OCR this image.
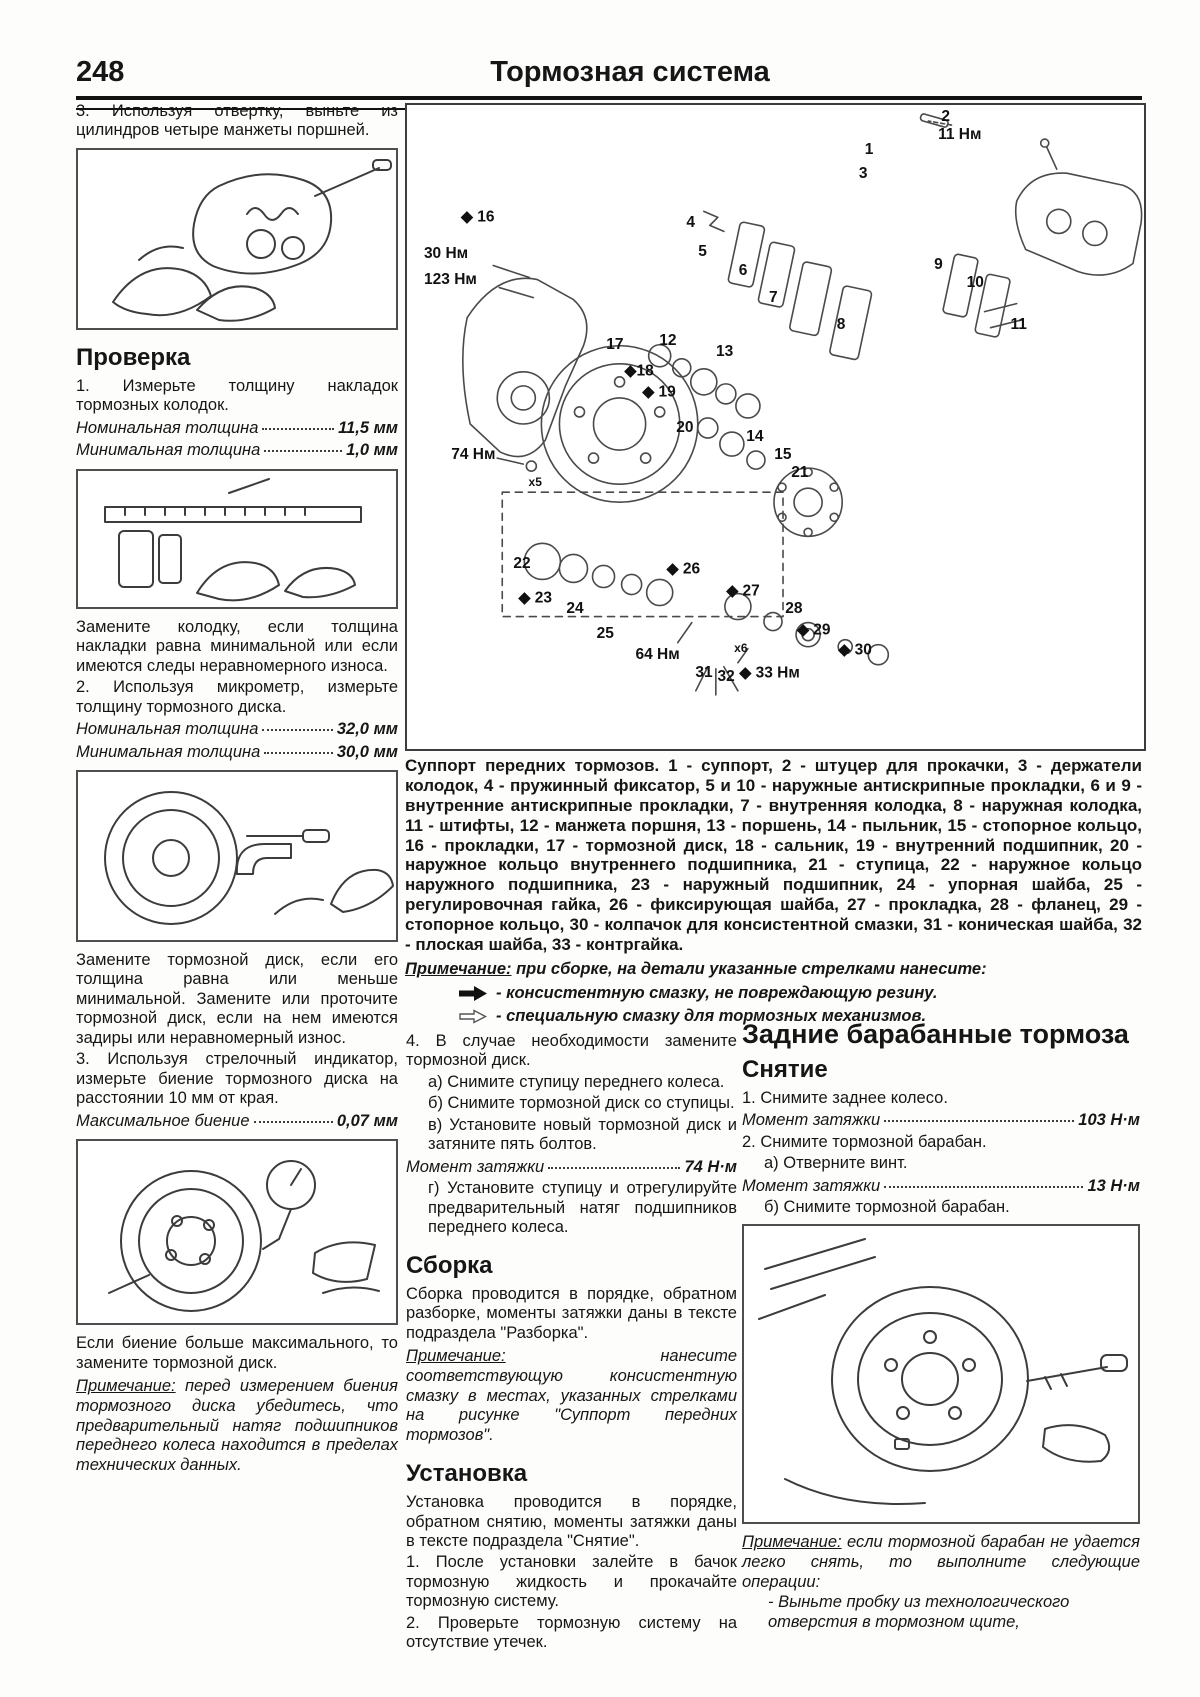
248	Тормозная система

3. Используя отвертку, выньте из цилиндров четыре манжеты поршней.

Проверка

1. Измерьте толщину накладок тормозных колодок.

Номинальная толщина	11,5 мм
Минимальная толщина	1,0 мм

Замените колодку, если толщина накладки равна минимальной или если имеются следы неравномерного износа.

2. Используя микрометр, измерьте толщину тормозного диска.

Номинальная толщина	32,0 мм
Минимальная толщина	30,0 мм

Замените тормозной диск, если его толщина равна или меньше минимальной. Замените или проточите тормозной диск, если на нем имеются задиры или неравномерный износ.

3. Используя стрелочный индикатор, измерьте биение тормозного диска на расстоянии 10 мм от края.

Максимальное биение	0,07 мм

Если биение больше максимального, то замените тормозной диск.

Примечание: перед измерением биения тормозного диска убедитесь, что предварительный натяг подшипников переднего колеса находится в пределах технических данных.

2
11 Нм
1
3
◆ 16	4
30 Нм	5
123 Нм
6	9
10
7
8	11
17 12
◆18
◆ 19
13
20
14
15
21
74 Нм
x5
22
◆ 23
24
25
◆ 26
◆ 27
28
◆ 29
◆ 30
64 Нм	x6
31 32 ◆ 33 Нм

Суппорт передних тормозов. 1 - суппорт, 2 - штуцер для прокачки, 3 - держатели колодок, 4 - пружинный фиксатор, 5 и 10 - наружные антискрипные прокладки, 6 и 9 - внутренние антискрипные прокладки, 7 - внутренняя колодка, 8 - наружная колодка, 11 - штифты, 12 - манжета поршня, 13 - поршень, 14 - пыльник, 15 - стопорное кольцо, 16 - прокладки, 17 - тормозной диск, 18 - сальник, 19 - внутренний подшипник, 20 - наружное кольцо внутреннего подшипника, 21 - ступица, 22 - наружное кольцо наружного подшипника, 23 - наружный подшипник, 24 - упорная шайба, 25 - регулировочная гайка, 26 - фиксирующая шайба, 27 - прокладка, 28 - фланец, 29 - стопорное кольцо, 30 - колпачок для консистентной смазки, 31 - коническая шайба, 32 - плоская шайба, 33 - контргайка.

Примечание: при сборке, на детали указанные стрелками нанесите:

- консистентную смазку, не повреждающую резину.
- специальную смазку для тормозных механизмов.

4. В случае необходимости замените тормозной диск.

а) Снимите ступицу переднего колеса.

б) Снимите тормозной диск со ступицы.

в) Установите новый тормозной диск и затяните пять болтов.

Момент затяжки	74 Н·м

г) Установите ступицу и отрегулируйте предварительный натяг подшипников переднего колеса.

Сборка

Сборка проводится в порядке, обратном разборке, моменты затяжки даны в тексте подраздела "Разборка".

Примечание: нанесите соответствующую консистентную смазку в местах, указанных стрелками на рисунке "Суппорт передних тормозов".

Установка

Установка проводится в порядке, обратном снятию, моменты затяжки даны в тексте подраздела "Снятие".

1. После установки залейте в бачок тормозную жидкость и прокачайте тормозную систему.

2. Проверьте тормозную систему на отсутствие утечек.

Задние барабанные тормоза
Снятие

1. Снимите заднее колесо.

Момент затяжки	103 Н·м

2. Снимите тормозной барабан.

а) Отверните винт.

Момент затяжки	13 Н·м

б) Снимите тормозной барабан.

Примечание: если тормозной барабан не удается легко снять, то выполните следующие операции:

- Выньте пробку из технологического отверстия в тормозном щите,
